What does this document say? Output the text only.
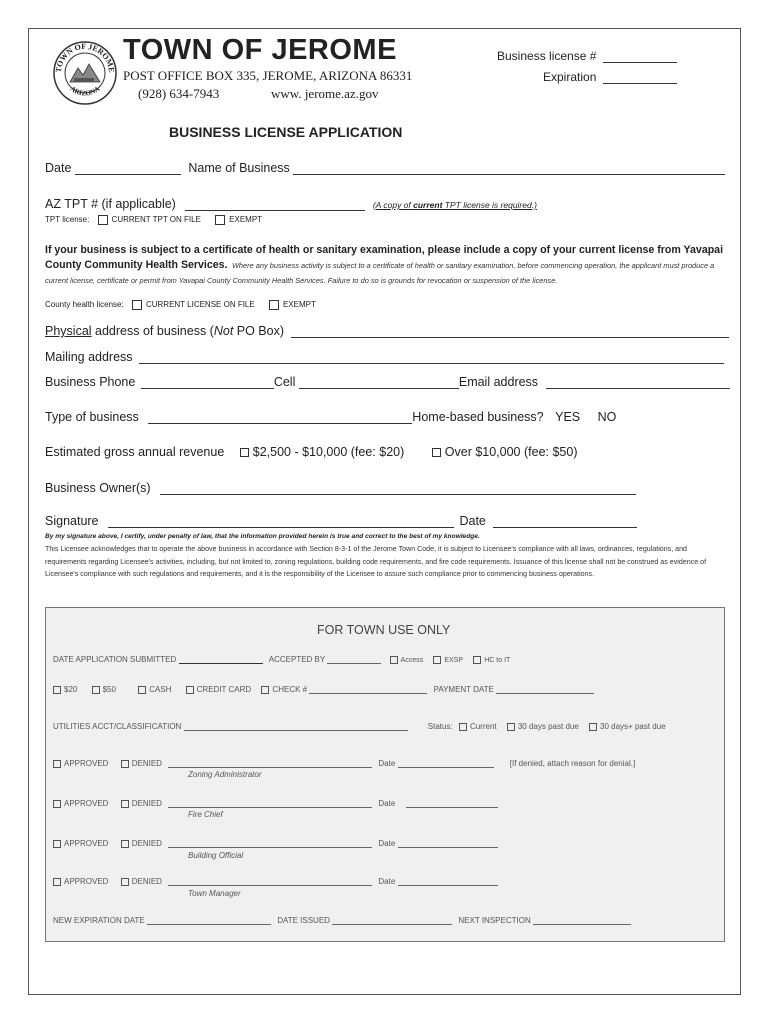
TOWN OF JEROME
ARIZONA
TOWN OF JEROME
POST OFFICE BOX 335, JEROME, ARIZONA 86331
(928) 634-7943	www. jerome.az.gov
Business license #
Expiration
BUSINESS LICENSE APPLICATION
Date	Name of Business
AZ TPT # (if applicable)	(A copy of current TPT license is required.)
TPT license:	CURRENT TPT ON FILE	EXEMPT
If your business is subject to a certificate of health or sanitary examination, please include a copy of your current license from Yavapai County Community Health Services. Where any business activity is subject to a certificate of health or sanitary examination, before commencing operation, the applicant must produce a current license, certificate or permit from Yavapai County Community Health Services. Failure to do so is grounds for revocation or suspension of the license.
County health license:	CURRENT LICENSE ON FILE	EXEMPT
Physical address of business (Not PO Box)
Mailing address
Business Phone	Cell	Email address
Type of business	Home-based business? YES NO
Estimated gross annual revenue $2,500 - $10,000 (fee: $20)	Over $10,000 (fee: $50)
Business Owner(s)
Signature	Date
By my signature above, I certify, under penalty of law, that the information provided herein is true and correct to the best of my knowledge.
This Licensee acknowledges that to operate the above business in accordance with Section 8-3-1 of the Jerome Town Code, it is subject to Licensee's compliance with all laws, ordinances, regulations, and requirements regarding Licensee's activities, including, but not limited to, zoning regulations, building code requirements, and fire code requirements. Issuance of this license shall not be construed as evidence of Licensee's compliance with such regulations and requirements, and it is the responsibility of the Licensee to assure such compliance prior to commencing business operations.
FOR TOWN USE ONLY
DATE APPLICATION SUBMITTED	ACCEPTED BY	Access	EXSP	HC to IT
$20	$50	CASH	CREDIT CARD	CHECK #	PAYMENT DATE
UTILITIES ACCT/CLASSIFICATION	Status: Current	30 days past due	30 days+ past due
APPROVED	DENIED	Date	[If denied, attach reason for denial.]
Zoning Administrator
APPROVED	DENIED	Date
Fire Chief
APPROVED	DENIED	Date
Building Official
APPROVED	DENIED	Date
Town Manager
NEW EXPIRATION DATE	DATE ISSUED	NEXT INSPECTION
